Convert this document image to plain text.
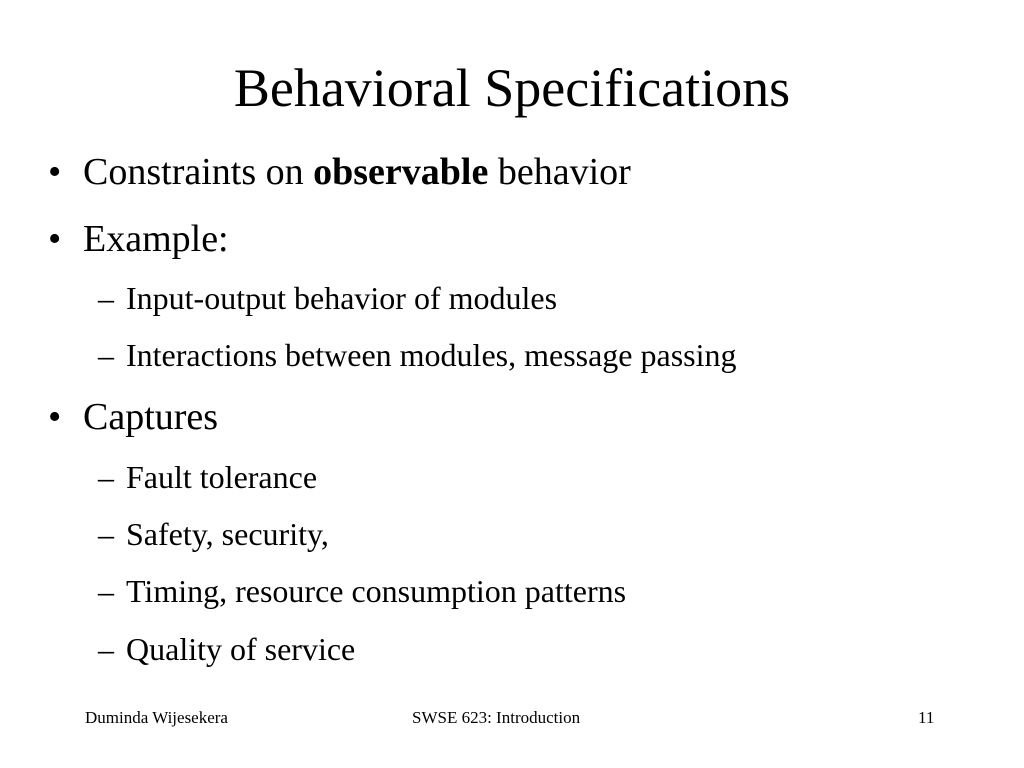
Behavioral Specifications
• Constraints on observable behavior
• Example:
– Input-output behavior of modules
– Interactions between modules, message passing
• Captures
– Fault tolerance
– Safety, security,
– Timing, resource consumption patterns
– Quality of service
Duminda Wijesekera	SWSE 623: Introduction	11
